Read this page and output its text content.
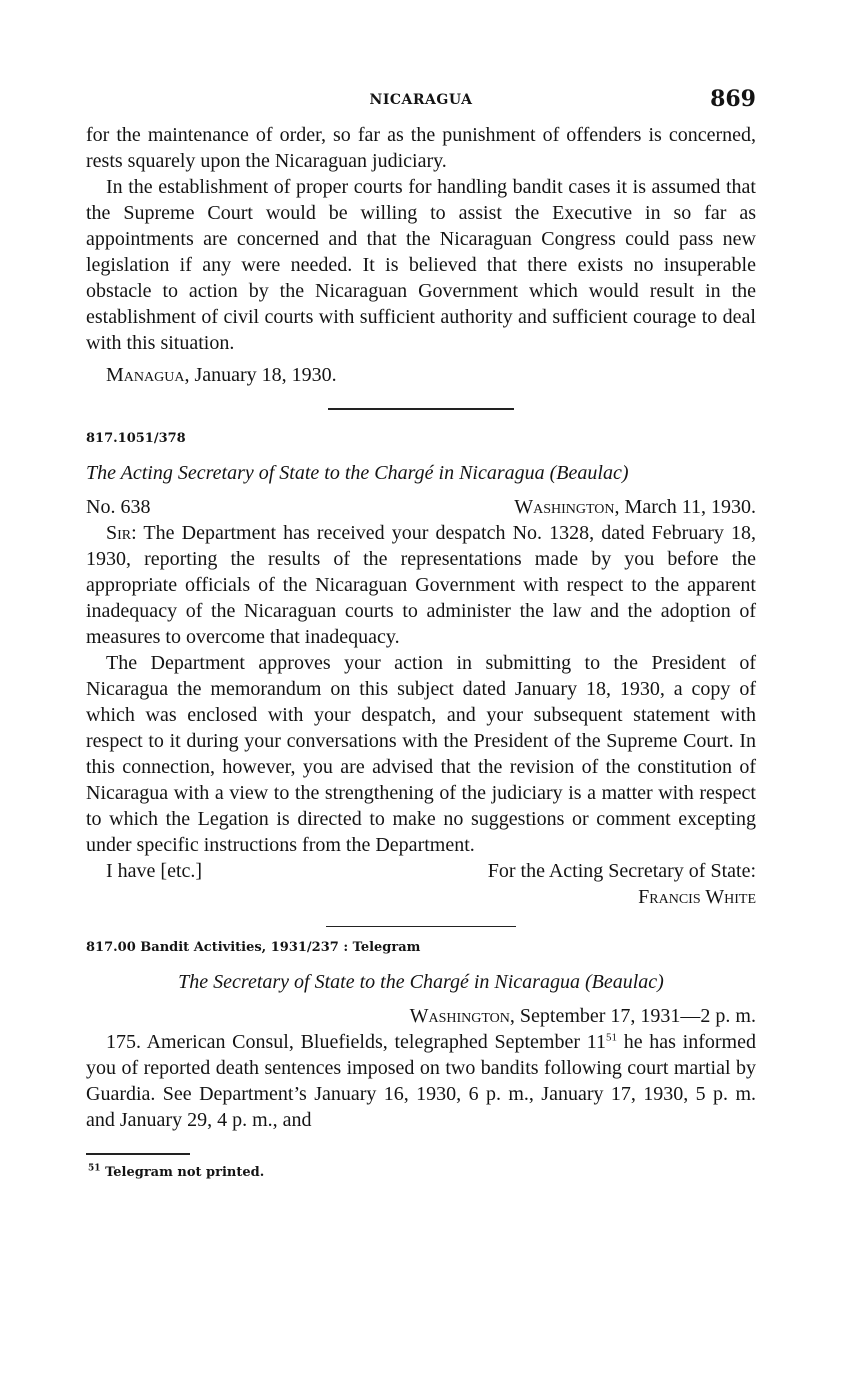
NICARAGUA	869

for the maintenance of order, so far as the punishment of offenders is concerned, rests squarely upon the Nicaraguan judiciary.

In the establishment of proper courts for handling bandit cases it is assumed that the Supreme Court would be willing to assist the Executive in so far as appointments are concerned and that the Nicaraguan Congress could pass new legislation if any were needed. It is believed that there exists no insuperable obstacle to action by the Nicaraguan Government which would result in the establishment of civil courts with sufficient authority and sufficient courage to deal with this situation.

Managua, January 18, 1930.

817.1051/378
The Acting Secretary of State to the Chargé in Nicaragua (Beaulac)
No. 638	Washington, March 11, 1930.

Sir: The Department has received your despatch No. 1328, dated February 18, 1930, reporting the results of the representations made by you before the appropriate officials of the Nicaraguan Government with respect to the apparent inadequacy of the Nicaraguan courts to administer the law and the adoption of measures to overcome that inadequacy.

The Department approves your action in submitting to the President of Nicaragua the memorandum on this subject dated January 18, 1930, a copy of which was enclosed with your despatch, and your subsequent statement with respect to it during your conversations with the President of the Supreme Court. In this connection, however, you are advised that the revision of the constitution of Nicaragua with a view to the strengthening of the judiciary is a matter with respect to which the Legation is directed to make no suggestions or comment excepting under specific instructions from the Department.

I have [etc.]	For the Acting Secretary of State:
Francis White
817.00 Bandit Activities, 1931/237 : Telegram
The Secretary of State to the Chargé in Nicaragua (Beaulac)
Washington, September 17, 1931—2 p. m.

175. American Consul, Bluefields, telegraphed September $11^{51}$ he has informed you of reported death sentences imposed on two bandits following court martial by Guardia. See Department’s January 16, 1930, 6 p. m., January 17, 1930, 5 p. m. and January 29, 4 p. m., and

$^{51}$ Telegram not printed.
